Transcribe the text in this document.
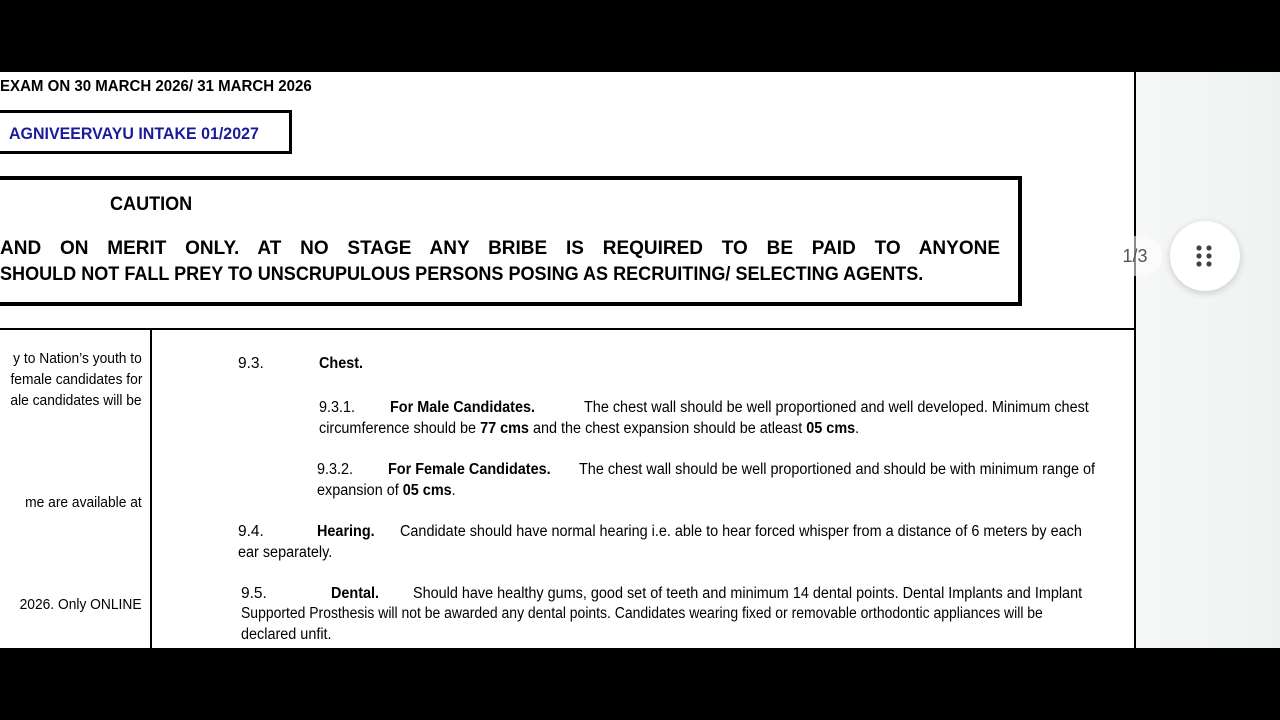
EXAM ON 30 MARCH 2026/ 31 MARCH 2026
AGNIVEERVAYU INTAKE 01/2027
CAUTION
AND ON MERIT ONLY. AT NO STAGE ANY BRIBE IS REQUIRED TO BE PAID TO ANYONE
SHOULD NOT FALL PREY TO UNSCRUPULOUS PERSONS POSING AS RECRUITING/ SELECTING AGENTS.
y to Nation’s youth to
female candidates for
ale candidates will be
me are available at
2026. Only ONLINE
9.3.	Chest.
9.3.1. For Male Candidates.	The chest wall should be well proportioned and well developed. Minimum chest
circumference should be 77 cms and the chest expansion should be atleast 05 cms.
9.3.2. For Female Candidates. The chest wall should be well proportioned and should be with minimum range of
expansion of 05 cms.
9.4.	Hearing. Candidate should have normal hearing i.e. able to hear forced whisper from a distance of 6 meters by each
ear separately.
9.5.	Dental. Should have healthy gums, good set of teeth and minimum 14 dental points. Dental Implants and Implant
Supported Prosthesis will not be awarded any dental points. Candidates wearing fixed or removable orthodontic appliances will be
declared unfit.
1/3
